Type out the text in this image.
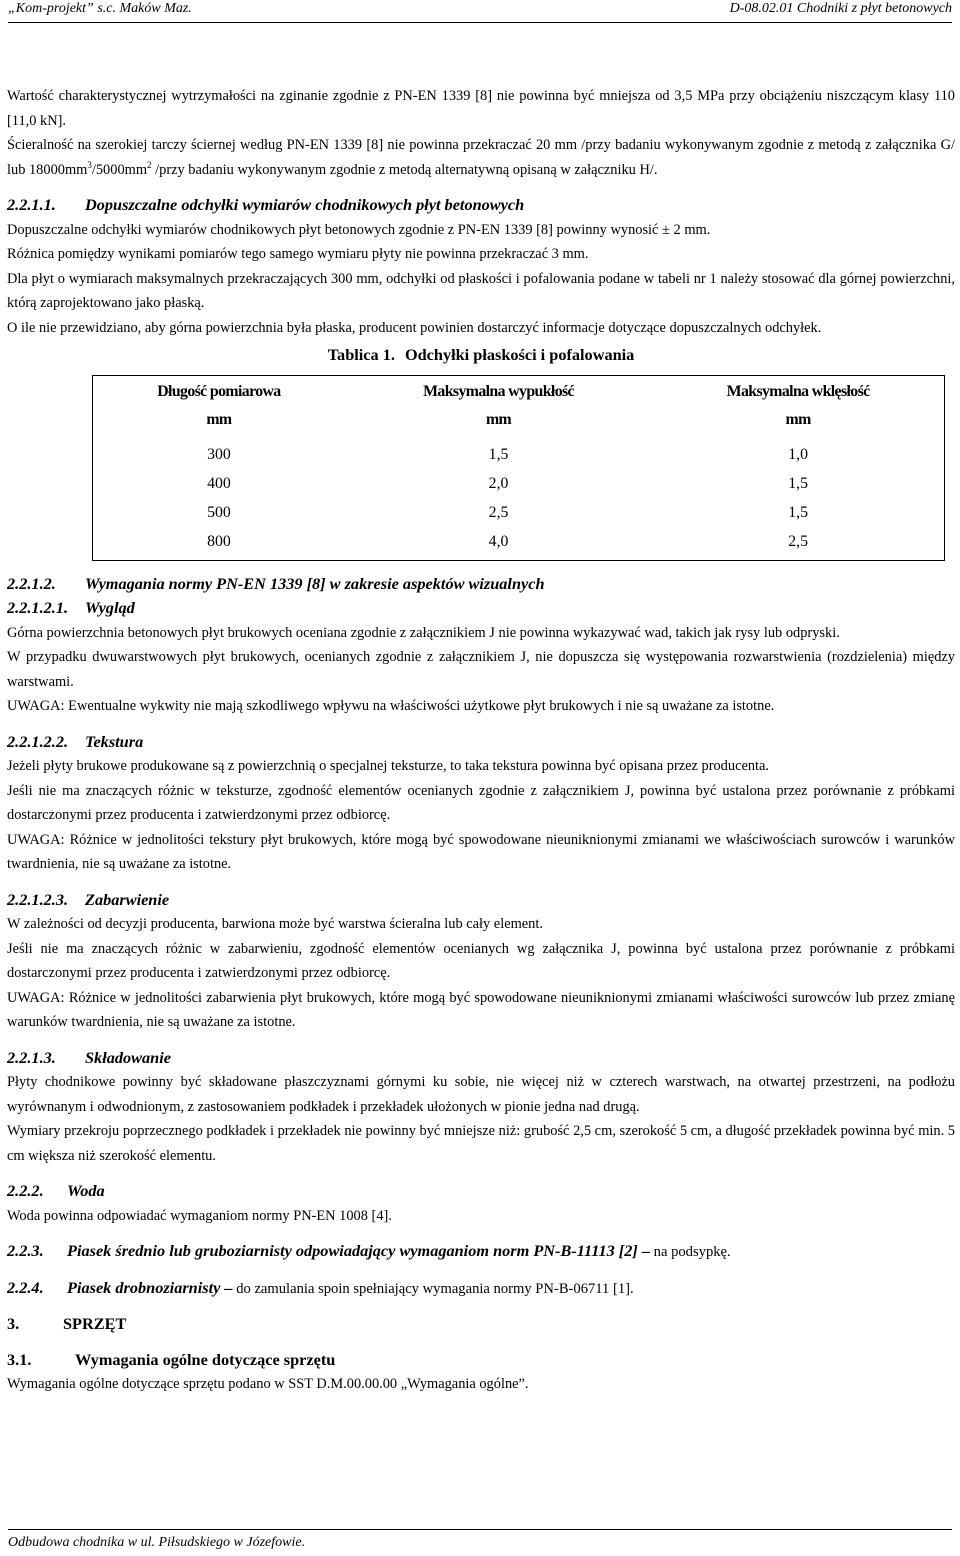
„Kom-projekt” s.c. Maków Maz.	D-08.02.01 Chodniki z płyt betonowych

Wartość charakterystycznej wytrzymałości na zginanie zgodnie z PN-EN 1339 [8] nie powinna być mniejsza od 3,5 MPa przy obciążeniu niszczącym klasy 110 [11,0 kN].

Ścieralność na szerokiej tarczy ściernej według PN-EN 1339 [8] nie powinna przekraczać 20 mm /przy badaniu wykonywanym zgodnie z metodą z załącznika G/ lub $18000mm^3/5000mm^2$ /przy badaniu wykonywanym zgodnie z metodą alternatywną opisaną w załączniku H/.

2.2.1.1. Dopuszczalne odchyłki wymiarów chodnikowych płyt betonowych

Dopuszczalne odchyłki wymiarów chodnikowych płyt betonowych zgodnie z PN-EN 1339 [8] powinny wynosić ± 2 mm.

Różnica pomiędzy wynikami pomiarów tego samego wymiaru płyty nie powinna przekraczać 3 mm.

Dla płyt o wymiarach maksymalnych przekraczających 300 mm, odchyłki od płaskości i pofalowania podane w tabeli nr 1 należy stosować dla górnej powierzchni, którą zaprojektowano jako płaską.

O ile nie przewidziano, aby górna powierzchnia była płaska, producent powinien dostarczyć informacje dotyczące dopuszczalnych odchyłek.

Tablica 1. Odchyłki płaskości i pofalowania
Długość pomiarowa	Maksymalna wypukłość	Maksymalna wklęsłość
mm	mm	mm
300	1,5	1,0
400	2,0	1,5
500	2,5	1,5
800	4,0	2,5
2.2.1.2. Wymagania normy PN-EN 1339 [8] w zakresie aspektów wizualnych
2.2.1.2.1. Wygląd

Górna powierzchnia betonowych płyt brukowych oceniana zgodnie z załącznikiem J nie powinna wykazywać wad, takich jak rysy lub odpryski.

W przypadku dwuwarstwowych płyt brukowych, ocenianych zgodnie z załącznikiem J, nie dopuszcza się występowania rozwarstwienia (rozdzielenia) między warstwami.

UWAGA: Ewentualne wykwity nie mają szkodliwego wpływu na właściwości użytkowe płyt brukowych i nie są uważane za istotne.

2.2.1.2.2. Tekstura

Jeżeli płyty brukowe produkowane są z powierzchnią o specjalnej teksturze, to taka tekstura powinna być opisana przez producenta.

Jeśli nie ma znaczących różnic w teksturze, zgodność elementów ocenianych zgodnie z załącznikiem J, powinna być ustalona przez porównanie z próbkami dostarczonymi przez producenta i zatwierdzonymi przez odbiorcę.

UWAGA: Różnice w jednolitości tekstury płyt brukowych, które mogą być spowodowane nieuniknionymi zmianami we właściwościach surowców i warunków twardnienia, nie są uważane za istotne.

2.2.1.2.3. Zabarwienie

W zależności od decyzji producenta, barwiona może być warstwa ścieralna lub cały element.

Jeśli nie ma znaczących różnic w zabarwieniu, zgodność elementów ocenianych wg załącznika J, powinna być ustalona przez porównanie z próbkami dostarczonymi przez producenta i zatwierdzonymi przez odbiorcę.

UWAGA: Różnice w jednolitości zabarwienia płyt brukowych, które mogą być spowodowane nieuniknionymi zmianami właściwości surowców lub przez zmianę warunków twardnienia, nie są uważane za istotne.

2.2.1.3. Składowanie

Płyty chodnikowe powinny być składowane płaszczyznami górnymi ku sobie, nie więcej niż w czterech warstwach, na otwartej przestrzeni, na podłożu wyrównanym i odwodnionym, z zastosowaniem podkładek i przekładek ułożonych w pionie jedna nad drugą.

Wymiary przekroju poprzecznego podkładek i przekładek nie powinny być mniejsze niż: grubość 2,5 cm, szerokość 5 cm, a długość przekładek powinna być min. 5 cm większa niż szerokość elementu.

2.2.2. Woda

Woda powinna odpowiadać wymaganiom normy PN-EN 1008 [4].

2.2.3. Piasek średnio lub gruboziarnisty odpowiadający wymaganiom norm PN-B-11113 [2] – na podsypkę.
2.2.4. Piasek drobnoziarnisty – do zamulania spoin spełniający wymagania normy PN-B-06711 [1].
3.	SPRZĘT
3.1.	Wymagania ogólne dotyczące sprzętu

Wymagania ogólne dotyczące sprzętu podano w SST D.M.00.00.00 „Wymagania ogólne”.

Odbudowa chodnika w ul. Piłsudskiego w Józefowie.
